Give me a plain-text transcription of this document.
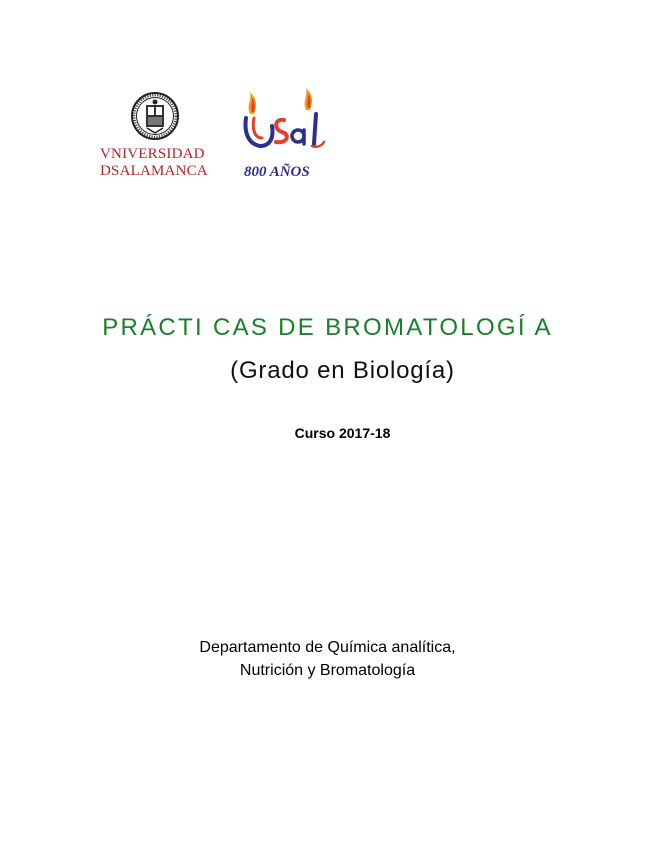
VNIVERSIDAD
DSALAMANCA 800 AÑOS
PRÁCTI CAS DE BROMATOLOGÍ A
(Grado en Biología)
Curso 2017-18
Departamento de Química analítica,
Nutrición y Bromatología
